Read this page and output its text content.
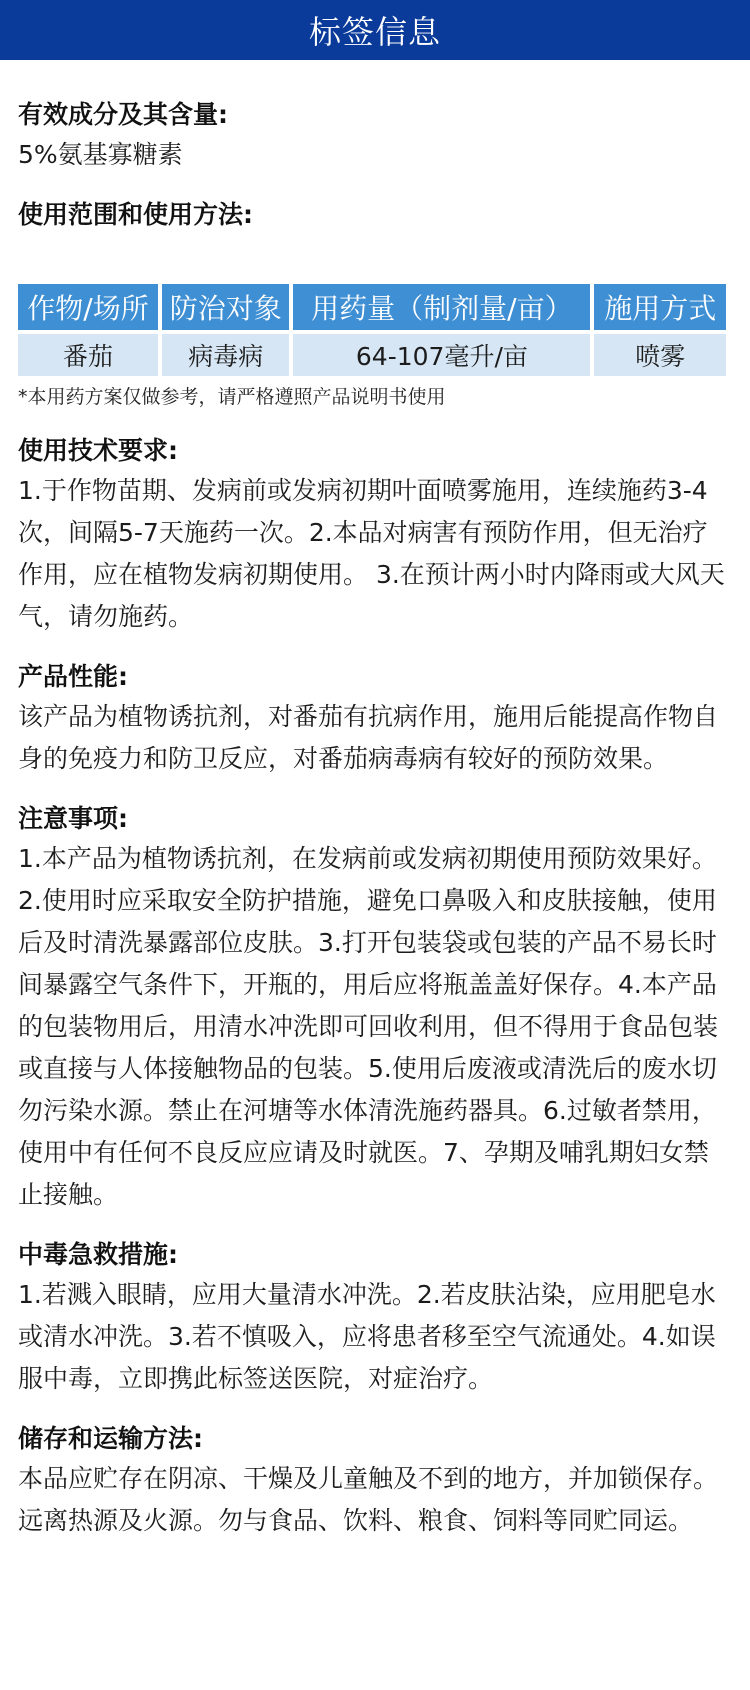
标签信息
有效成分及其含量:
5%氨基寡糖素
使用范围和使用方法:
作物/场所	防治对象	用药量（制剂量/亩）	施用方式
番茄	病毒病	64-107毫升/亩	喷雾
*本用药方案仅做参考，请严格遵照产品说明书使用
使用技术要求:
1.于作物苗期、发病前或发病初期叶面喷雾施用，连续施药3-4次，间隔5-7天施药一次。2.本品对病害有预防作用，但无治疗作用，应在植物发病初期使用。 3.在预计两小时内降雨或大风天气，请勿施药。
产品性能:
该产品为植物诱抗剂，对番茄有抗病作用，施用后能提高作物自身的免疫力和防卫反应，对番茄病毒病有较好的预防效果。
注意事项:
1.本产品为植物诱抗剂，在发病前或发病初期使用预防效果好。2.使用时应采取安全防护措施，避免口鼻吸入和皮肤接触，使用后及时清洗暴露部位皮肤。3.打开包装袋或包装的产品不易长时间暴露空气条件下，开瓶的，用后应将瓶盖盖好保存。4.本产品的包装物用后，用清水冲洗即可回收利用，但不得用于食品包装或直接与人体接触物品的包装。5.使用后废液或清洗后的废水切勿污染水源。禁止在河塘等水体清洗施药器具。6.过敏者禁用，使用中有任何不良反应应请及时就医。7、孕期及哺乳期妇女禁止接触。
中毒急救措施:
1.若溅入眼睛，应用大量清水冲洗。2.若皮肤沾染，应用肥皂水或清水冲洗。3.若不慎吸入，应将患者移至空气流通处。4.如误服中毒，立即携此标签送医院，对症治疗。
储存和运输方法:
本品应贮存在阴凉、干燥及儿童触及不到的地方，并加锁保存。远离热源及火源。勿与食品、饮料、粮食、饲料等同贮同运。
